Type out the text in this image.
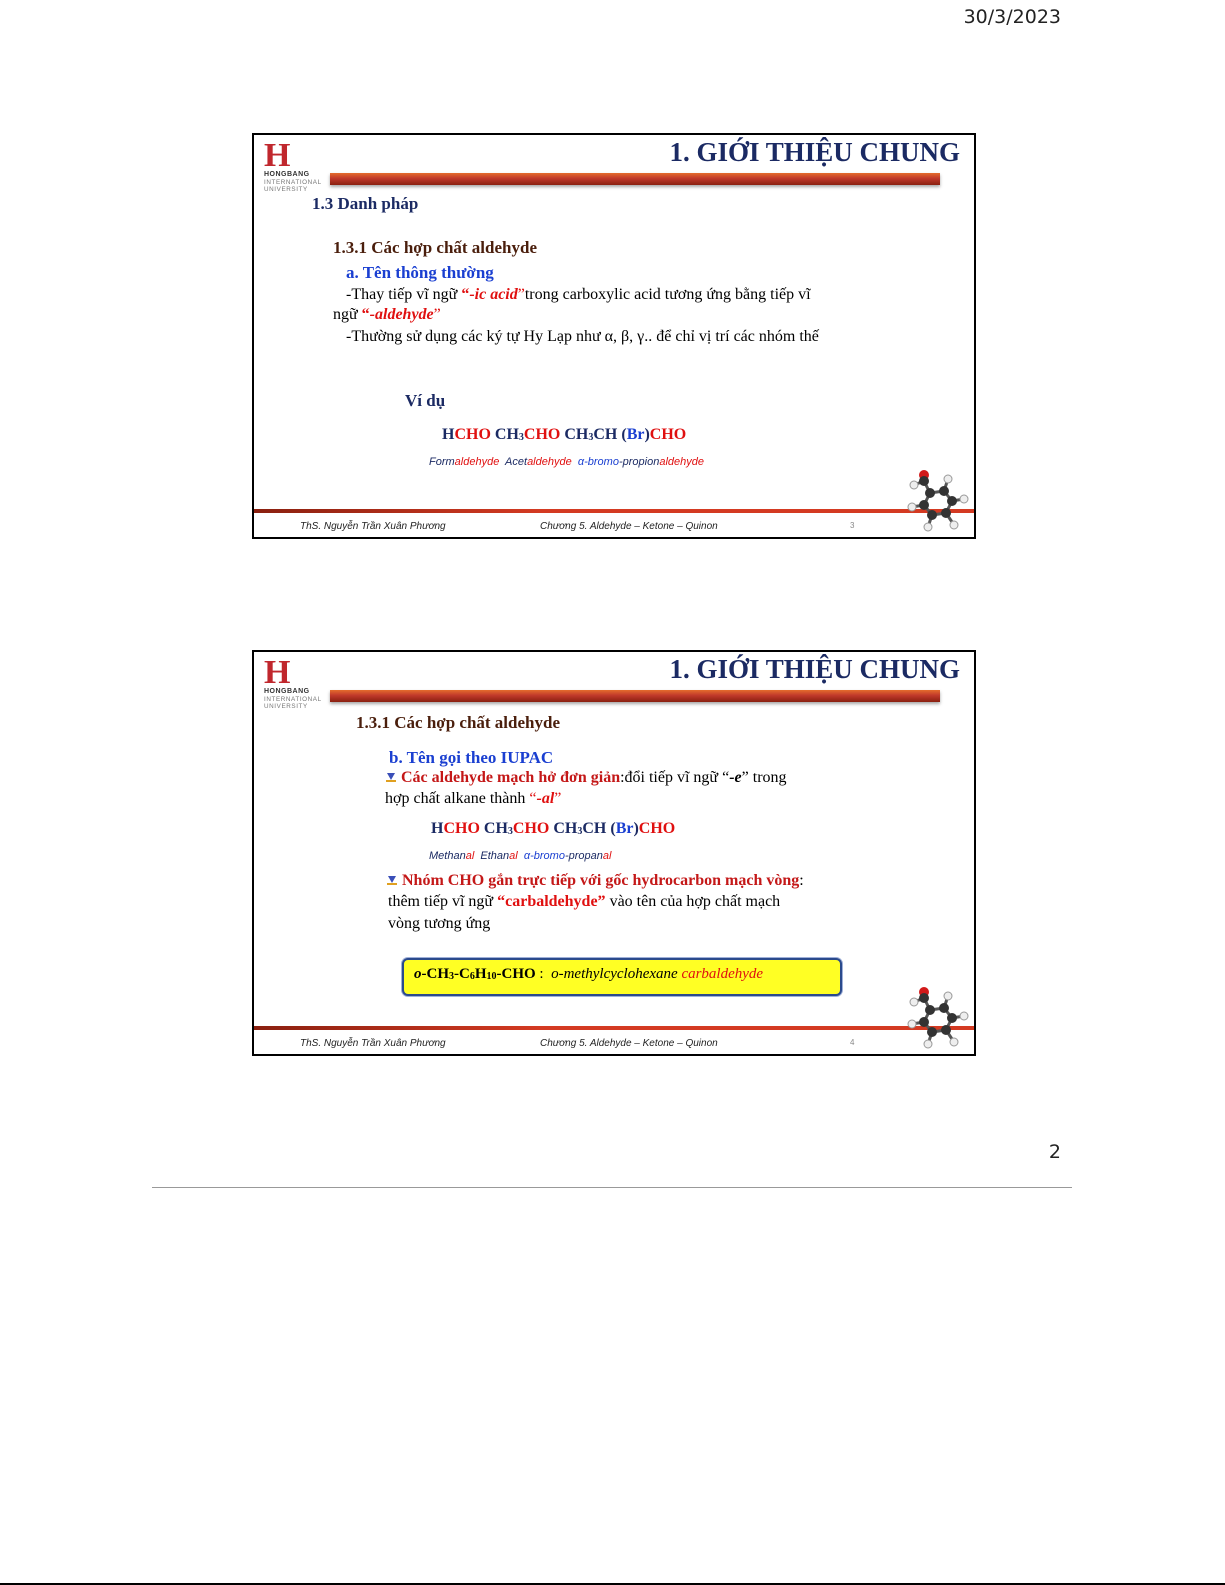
30/3/2023
H
HONGBANG
INTERNATIONAL
UNIVERSITY
1. GIỚI THIỆU CHUNG
1.3 Danh pháp
1.3.1 Các hợp chất aldehyde
a. Tên thông thường
-Thay tiếp vĩ ngữ “-ic acid”trong carboxylic acid tương ứng bằng tiếp vĩ
ngữ “-aldehyde”
-Thường sử dụng các ký tự Hy Lạp như α, β, γ.. để chỉ vị trí các nhóm thế
Ví dụ
HCHO CH3CHO CH3CH (Br)CHO
Formaldehyde Acetaldehyde α-bromo-propionaldehyde
ThS. Nguyễn Trần Xuân Phương	Chương 5. Aldehyde – Ketone – Quinon	3
H
HONGBANG
INTERNATIONAL
UNIVERSITY
1. GIỚI THIỆU CHUNG
1.3.1 Các hợp chất aldehyde
b. Tên gọi theo IUPAC
Các aldehyde mạch hở đơn giản:đổi tiếp vĩ ngữ “-e” trong
hợp chất alkane thành “-al”
HCHO CH3CHO CH3CH (Br)CHO
Methanal Ethanal α-bromo-propanal
Nhóm CHO gắn trực tiếp với gốc hydrocarbon mạch vòng:
thêm tiếp vĩ ngữ “carbaldehyde” vào tên của hợp chất mạch
vòng tương ứng
o-CH3-C6H10-CHO :  o-methylcyclohexane carbaldehyde
ThS. Nguyễn Trần Xuân Phương	Chương 5. Aldehyde – Ketone – Quinon	4
2
